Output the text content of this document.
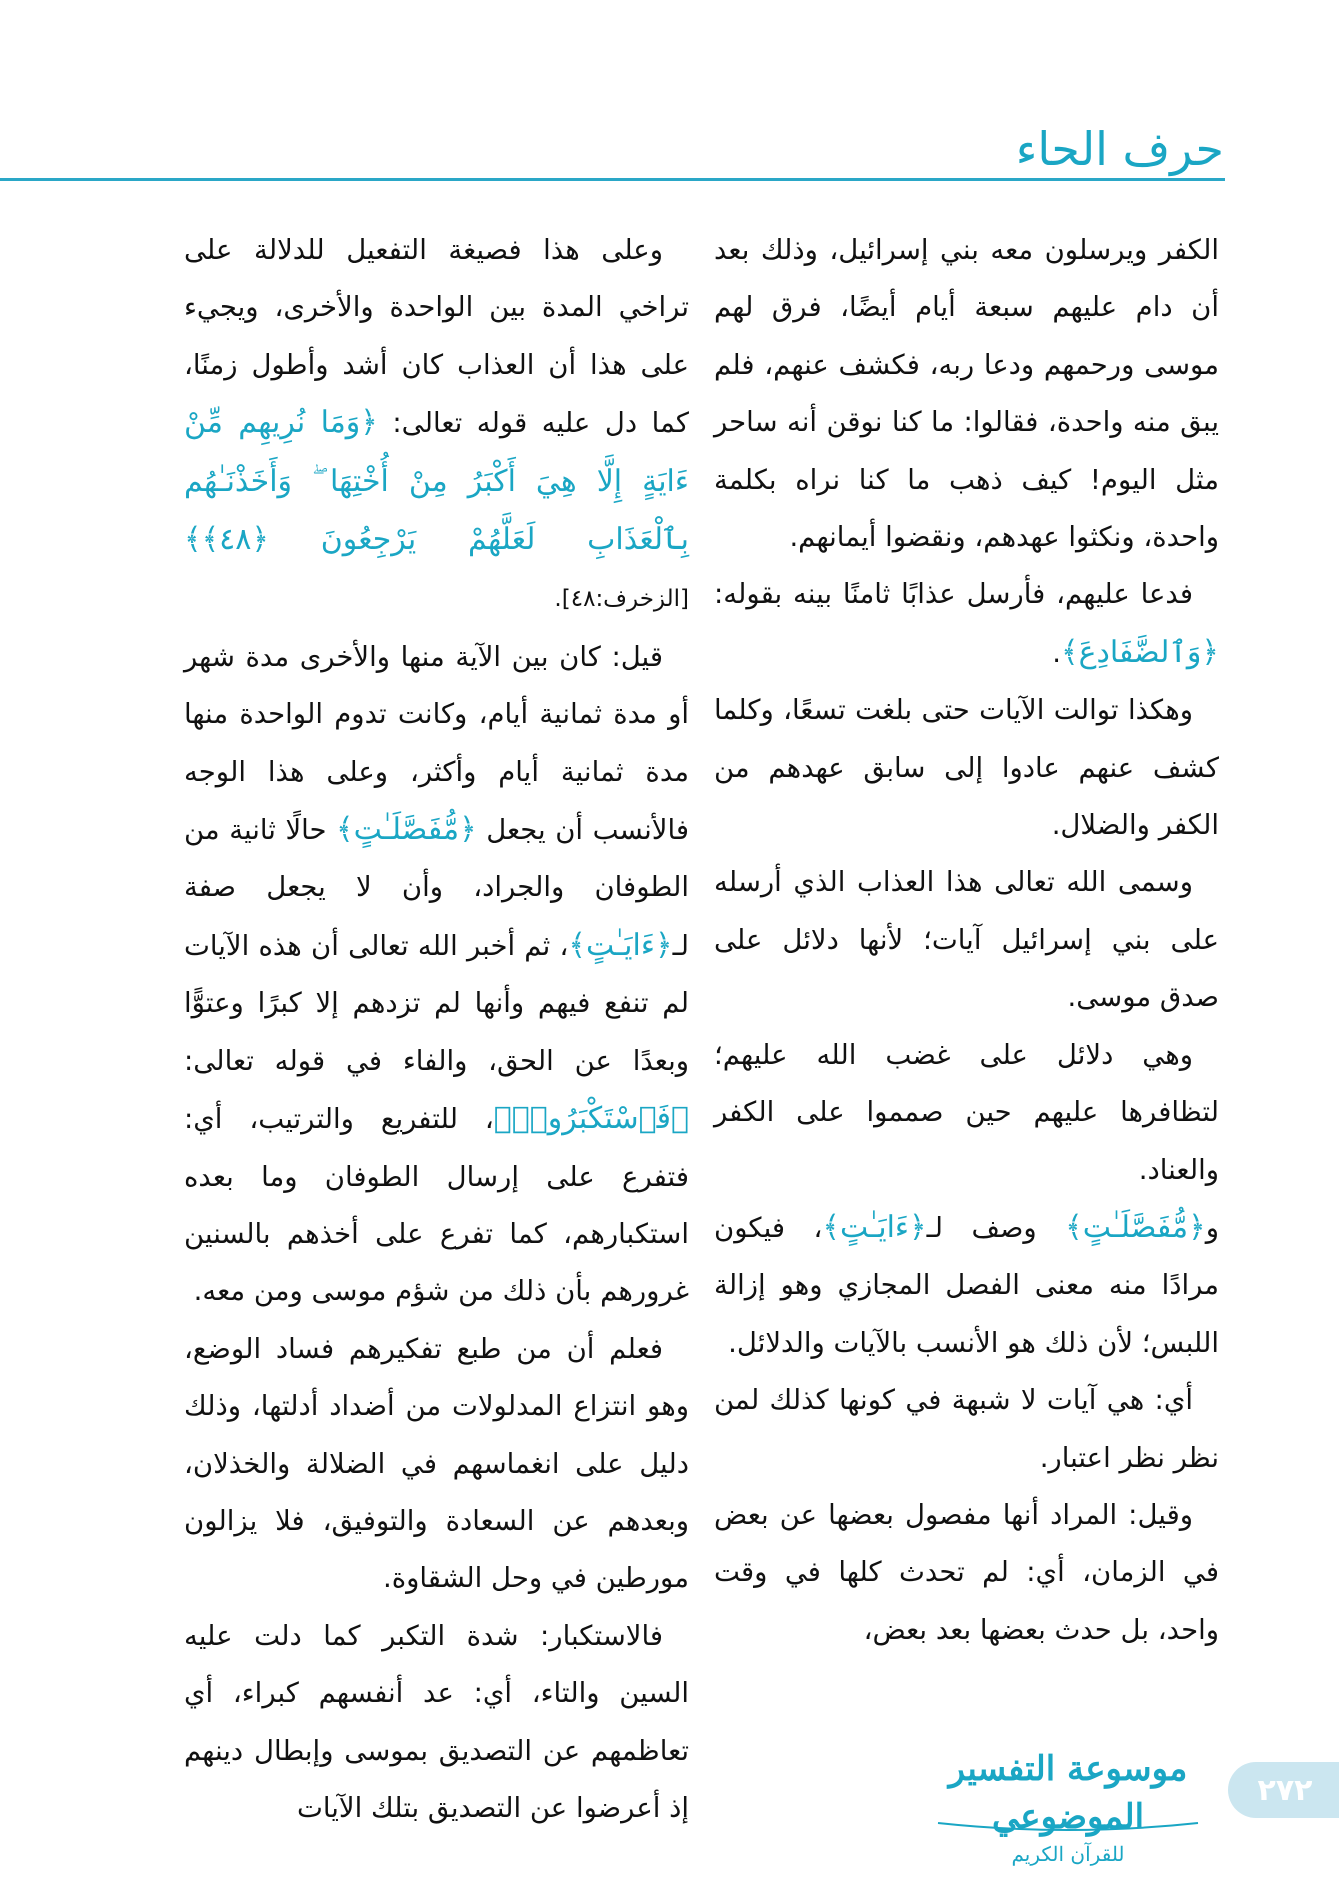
حرف الحاء

الكفر ويرسلون معه بني إسرائيل، وذلك بعد أن دام عليهم سبعة أيام أيضًا، فرق لهم موسى ورحمهم ودعا ربه، فكشف عنهم، فلم يبق منه واحدة، فقالوا: ما كنا نوقن أنه ساحر مثل اليوم! كيف ذهب ما كنا نراه بكلمة واحدة، ونكثوا عهدهم، ونقضوا أيمانهم.

فدعا عليهم، فأرسل عذابًا ثامنًا بينه بقوله: ﴿وَٱلضَّفَادِعَ﴾.

وهكذا توالت الآيات حتى بلغت تسعًا، وكلما كشف عنهم عادوا إلى سابق عهدهم من الكفر والضلال.

وسمى الله تعالى هذا العذاب الذي أرسله على بني إسرائيل آيات؛ لأنها دلائل على صدق موسى.

وهي دلائل على غضب الله عليهم؛ لتظافرها عليهم حين صمموا على الكفر والعناد.

و﴿مُّفَصَّلَـٰتٍ﴾ وصف لـ﴿ءَايَـٰتٍ﴾، فيكون مرادًا منه معنى الفصل المجازي وهو إزالة اللبس؛ لأن ذلك هو الأنسب بالآيات والدلائل.

أي: هي آيات لا شبهة في كونها كذلك لمن نظر نظر اعتبار.

وقيل: المراد أنها مفصول بعضها عن بعض في الزمان، أي: لم تحدث كلها في وقت واحد، بل حدث بعضها بعد بعض،

وعلى هذا فصيغة التفعيل للدلالة على تراخي المدة بين الواحدة والأخرى، ويجيء على هذا أن العذاب كان أشد وأطول زمنًا، كما دل عليه قوله تعالى: ﴿وَمَا نُرِيهِم مِّنْ ءَايَةٍ إِلَّا هِيَ أَكْبَرُ مِنْ أُخْتِهَا ۖ وَأَخَذْنَـٰهُم بِٱلْعَذَابِ لَعَلَّهُمْ يَرْجِعُونَ ﴿٤٨﴾﴾ [الزخرف:٤٨].

قيل: كان بين الآية منها والأخرى مدة شهر أو مدة ثمانية أيام، وكانت تدوم الواحدة منها مدة ثمانية أيام وأكثر، وعلى هذا الوجه فالأنسب أن يجعل ﴿مُّفَصَّلَـٰتٍ﴾ حالًا ثانية من الطوفان والجراد، وأن لا يجعل صفة لـ﴿ءَايَـٰتٍ﴾، ثم أخبر الله تعالى أن هذه الآيات لم تنفع فيهم وأنها لم تزدهم إلا كبرًا وعتوًّا وبعدًا عن الحق، والفاء في قوله تعالى: ﴿فَٱسْتَكْبَرُوا۟﴾، للتفريع والترتيب، أي: فتفرع على إرسال الطوفان وما بعده استكبارهم، كما تفرع على أخذهم بالسنين غرورهم بأن ذلك من شؤم موسى ومن معه.

فعلم أن من طبع تفكيرهم فساد الوضع، وهو انتزاع المدلولات من أضداد أدلتها، وذلك دليل على انغماسهم في الضلالة والخذلان، وبعدهم عن السعادة والتوفيق، فلا يزالون مورطين في وحل الشقاوة.

فالاستكبار: شدة التكبر كما دلت عليه السين والتاء، أي: عد أنفسهم كبراء، أي تعاظمهم عن التصديق بموسى وإبطال دينهم إذ أعرضوا عن التصديق بتلك الآيات

موسوعة التفسير الموضوعي
للقرآن الكريم
٢٧٢
